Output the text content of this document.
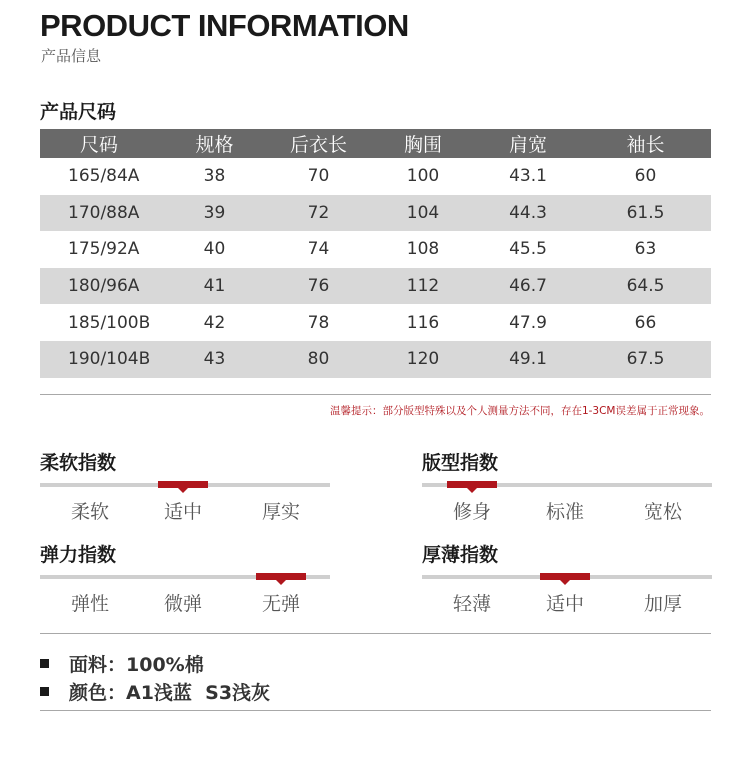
PRODUCT INFORMATION
产品信息
产品尺码
尺码	规格	后衣长	胸围	肩宽	袖长
165/84A	38	70	100	43.1	60
170/88A	39	72	104	44.3	61.5
175/92A	40	74	108	45.5	63
180/96A	41	76	112	46.7	64.5
185/100B	42	78	116	47.9	66
190/104B	43	80	120	49.1	67.5
温馨提示：部分版型特殊以及个人测量方法不同，存在1-3CM误差属于正常现象。
柔软指数
柔软	适中	厚实
版型指数
修身	标准	宽松
弹力指数
弹性	微弹	无弹
厚薄指数
轻薄	适中	加厚
面料：100%棉
颜色：A1浅蓝  S3浅灰
